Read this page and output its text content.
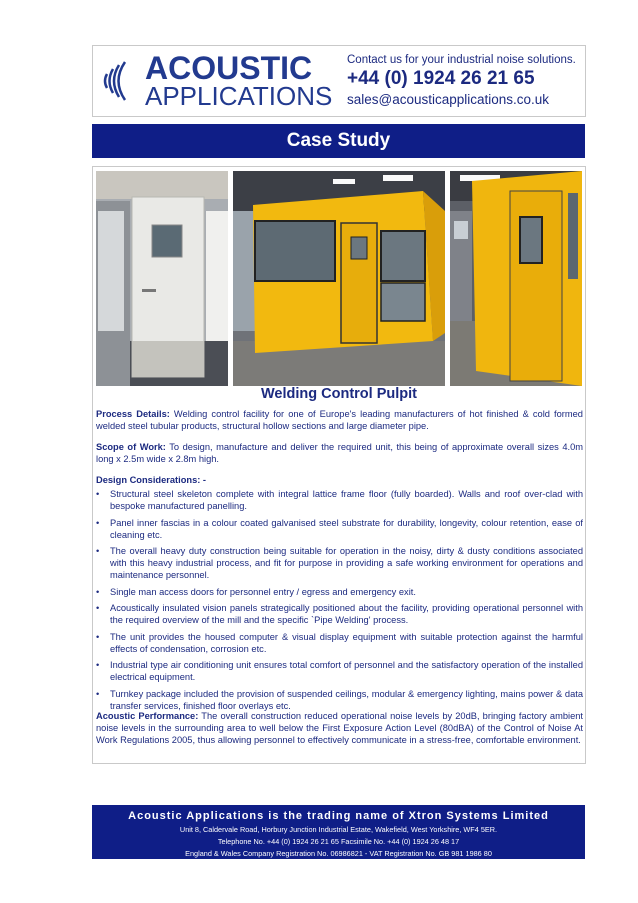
ACOUSTIC
APPLICATIONS
Contact us for your industrial noise solutions.
+44 (0) 1924 26 21 65
sales@acousticapplications.co.uk
Case Study
Welding Control Pulpit
Process Details: Welding control facility for one of Europe's leading manufacturers of hot finished & cold formed welded steel tubular products, structural hollow sections and large diameter pipe.
Scope of Work: To design, manufacture and deliver the required unit, this being of approximate overall sizes 4.0m long x 2.5m wide x 2.8m high.
Design Considerations: -
• Structural steel skeleton complete with integral lattice frame floor (fully boarded). Walls and roof over-clad with bespoke manufactured panelling.
• Panel inner fascias in a colour coated galvanised steel substrate for durability, longevity, colour retention, ease of cleaning etc.
• The overall heavy duty construction being suitable for operation in the noisy, dirty & dusty conditions associated with this heavy industrial process, and fit for purpose in providing a safe working environment for operations and maintenance personnel.
• Single man access doors for personnel entry / egress and emergency exit.
• Acoustically insulated vision panels strategically positioned about the facility, providing operational personnel with the required overview of the mill and the specific `Pipe Welding' process.
• The unit provides the housed computer & visual display equipment with suitable protection against the harmful effects of condensation, corrosion etc.
• Industrial type air conditioning unit ensures total comfort of personnel and the satisfactory operation of the installed electrical equipment.
• Turnkey package included the provision of suspended ceilings, modular & emergency lighting, mains power & data transfer services, finished floor overlays etc.
Acoustic Performance: The overall construction reduced operational noise levels by 20dB, bringing factory ambient noise levels in the surrounding area to well below the First Exposure Action Level (80dBA) of the Control of Noise At Work Regulations 2005, thus allowing personnel to effectively communicate in a stress-free, comfortable environment.
Acoustic Applications is the trading name of Xtron Systems Limited
Unit 8, Caldervale Road, Horbury Junction Industrial Estate, Wakefield, West Yorkshire, WF4 5ER.
Telephone No. +44 (0) 1924 26 21 65 Facsimile No. +44 (0) 1924 26 48 17
England & Wales Company Registration No. 06986821 - VAT Registration No. GB 981 1986 80
